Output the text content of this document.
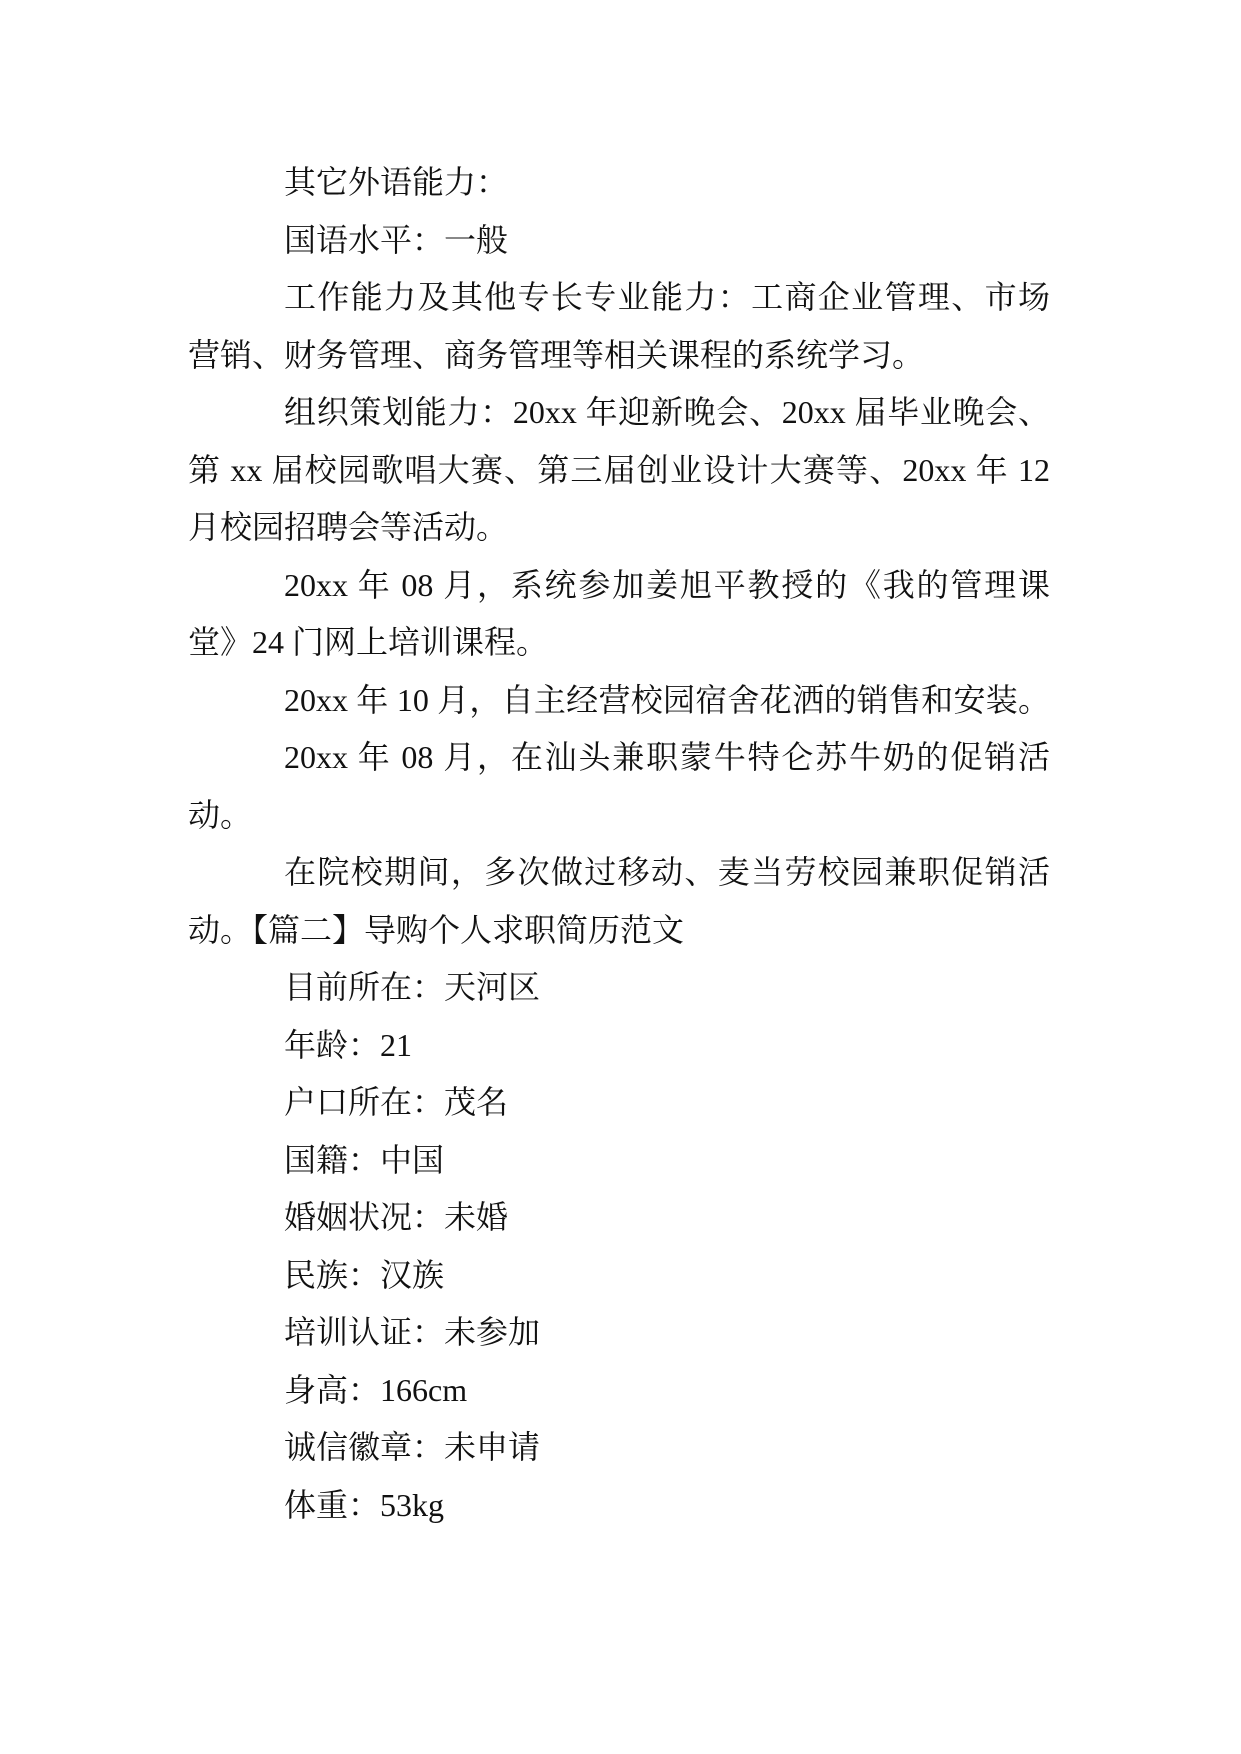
其它外语能力：
国语水平：一般
工作能力及其他专长专业能力：工商企业管理、市场
营销、财务管理、商务管理等相关课程的系统学习。
组织策划能力：20xx 年迎新晚会、20xx 届毕业晚会、
第 xx 届校园歌唱大赛、第三届创业设计大赛等、20xx 年 12
月校园招聘会等活动。
20xx 年 08 月，系统参加姜旭平教授的《我的管理课
堂》24 门网上培训课程。
20xx 年 10 月，自主经营校园宿舍花洒的销售和安装。
20xx 年 08 月，在汕头兼职蒙牛特仑苏牛奶的促销活
动。
在院校期间，多次做过移动、麦当劳校园兼职促销活
动。【篇二】导购个人求职简历范文
目前所在：天河区
年龄：21
户口所在：茂名
国籍：中国
婚姻状况：未婚
民族：汉族
培训认证：未参加
身高：166cm
诚信徽章：未申请
体重：53kg
